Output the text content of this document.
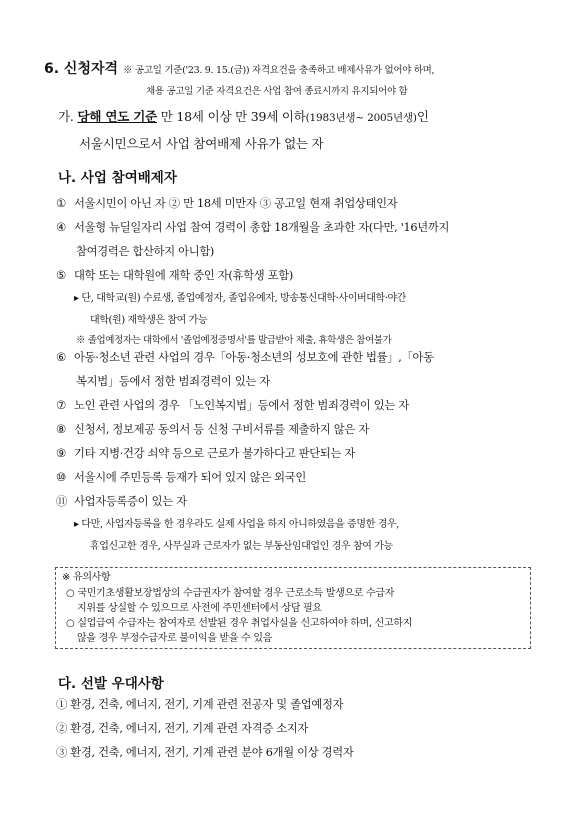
6. 신청자격 ※ 공고일 기준('23. 9. 15.(금)) 자격요건을 충족하고 배제사유가 없어야 하며,
채용 공고일 기준 자격요건은 사업 참여 종료시까지 유지되어야 함
가. 당해 연도 기준 만 18세 이상 만 39세 이하(1983년생~ 2005년생)인
서울시민으로서 사업 참여배제 사유가 없는 자
나. 사업 참여배제자
① 서울시민이 아닌 자 ② 만 18세 미만자 ③ 공고일 현재 취업상태인자
④ 서울형 뉴딜일자리 사업 참여 경력이 총합 18개월을 초과한 자(다만, '16년까지
참여경력은 합산하지 아니함)
⑤ 대학 또는 대학원에 재학 중인 자(휴학생 포함)
▸ 단, 대학교(원) 수료생, 졸업예정자, 졸업유예자, 방송통신대학·사이버대학·야간
대학(원) 재학생은 참여 가능
※ 졸업예정자는 대학에서 '졸업예정증명서'를 발급받아 제출, 휴학생은 참여불가
⑥ 아동·청소년 관련 사업의 경우「아동·청소년의 성보호에 관한 법률」,「아동
복지법」등에서 정한 범죄경력이 있는 자
⑦ 노인 관련 사업의 경우 「노인복지법」등에서 정한 범죄경력이 있는 자
⑧ 신청서, 정보제공 동의서 등 신청 구비서류를 제출하지 않은 자
⑨ 기타 지병·건강 쇠약 등으로 근로가 불가하다고 판단되는 자
⑩ 서울시에 주민등록 등재가 되어 있지 않은 외국인
⑪ 사업자등록증이 있는 자
▸ 다만, 사업자등록을 한 경우라도 실제 사업을 하지 아니하였음을 증명한 경우,
휴업신고한 경우, 사무실과 근로자가 없는 부동산임대업인 경우 참여 가능
※ 유의사항
○ 국민기초생활보장법상의 수급권자가 참여할 경우 근로소득 발생으로 수급자
지위를 상실할 수 있으므로 사전에 주민센터에서 상담 필요
○ 실업급여 수급자는 참여자로 선발된 경우 취업사실을 신고하여야 하며, 신고하지
않을 경우 부정수급자로 불이익을 받을 수 있음
다. 선발 우대사항
① 환경, 건축, 에너지, 전기, 기계 관련 전공자 및 졸업예정자
② 환경, 건축, 에너지, 전기, 기계 관련 자격증 소지자
③ 환경, 건축, 에너지, 전기, 기계 관련 분야 6개월 이상 경력자
